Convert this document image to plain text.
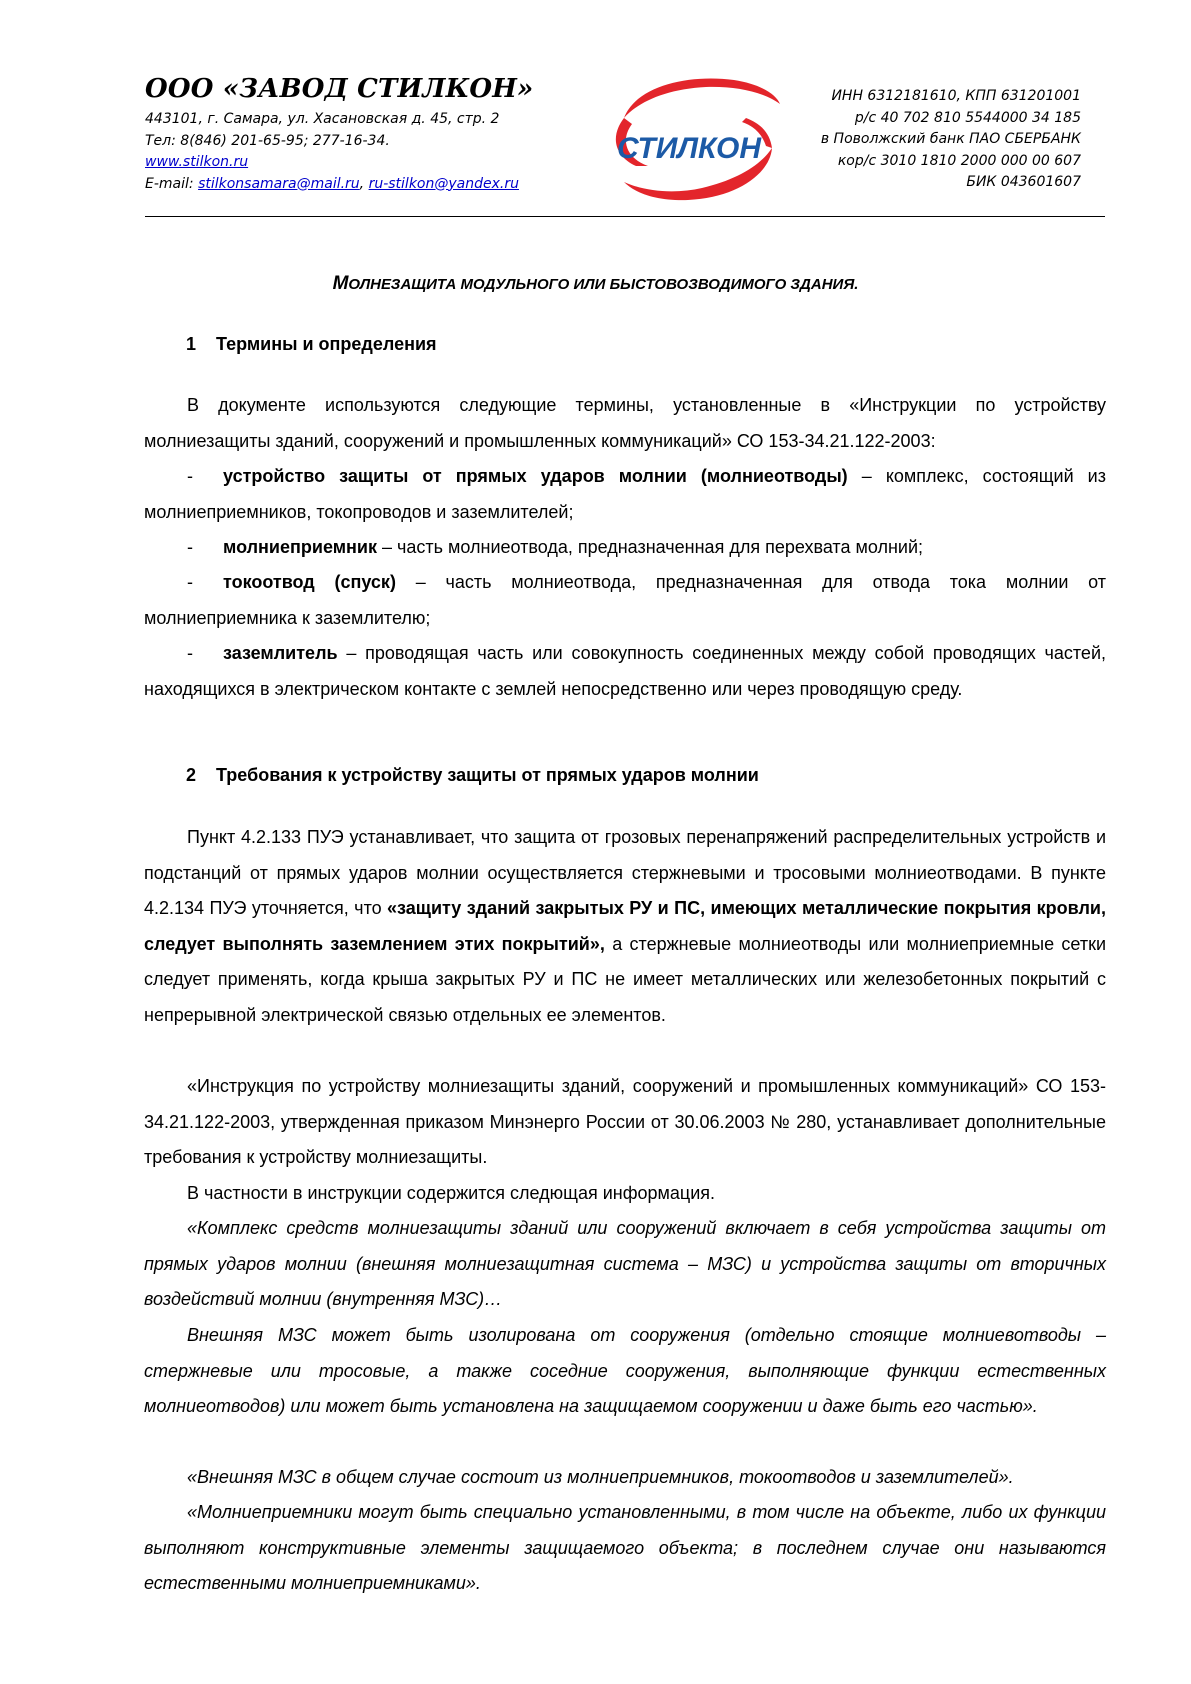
ООО «ЗАВОД СТИЛКОН»
443101, г. Самара, ул. Хасановская д. 45, стр. 2
Тел: 8(846) 201-65-95; 277-16-34.
www.stilkon.ru
E-mail: stilkonsamara@mail.ru, ru-stilkon@yandex.ru
СТИЛКОН
ИНН 6312181610, КПП 631201001
р/с 40 702 810 5544000 34 185
в Поволжский банк ПАО СБЕРБАНК
кор/с 3010 1810 2000 000 00 607
БИК 043601607
МОЛНЕЗАЩИТА МОДУЛЬНОГО ИЛИ БЫСТОВОЗВОДИМОГО ЗДАНИЯ.
1 Термины и определения
В документе используются следующие термины, установленные в «Инструкции по устройству молниезащиты зданий, сооружений и промышленных коммуникаций» СО 153-34.21.122-2003:
- устройство защиты от прямых ударов молнии (молниеотводы) – комплекс, состоящий из молниеприемников, токопроводов и заземлителей;
- молниеприемник – часть молниеотвода, предназначенная для перехвата молний;
- токоотвод (спуск) – часть молниеотвода, предназначенная для отвода тока молнии от молниеприемника к заземлителю;
- заземлитель – проводящая часть или совокупность соединенных между собой проводящих частей, находящихся в электрическом контакте с землей непосредственно или через проводящую среду.
2 Требования к устройству защиты от прямых ударов молнии
Пункт 4.2.133 ПУЭ устанавливает, что защита от грозовых перенапряжений распределительных устройств и подстанций от прямых ударов молнии осуществляется стержневыми и тросовыми молниеотводами. В пункте 4.2.134 ПУЭ уточняется, что «защиту зданий закрытых РУ и ПС, имеющих металлические покрытия кровли, следует выполнять заземлением этих покрытий», а стержневые молниеотводы или молниеприемные сетки следует применять, когда крыша закрытых РУ и ПС не имеет металлических или железобетонных покрытий с непрерывной электрической связью отдельных ее элементов.
«Инструкция по устройству молниезащиты зданий, сооружений и промышленных коммуникаций» СО 153-34.21.122-2003, утвержденная приказом Минэнерго России от 30.06.2003 № 280, устанавливает дополнительные требования к устройству молниезащиты.
В частности в инструкции содержится следющая информация.
«Комплекс средств молниезащиты зданий или сооружений включает в себя устройства защиты от прямых ударов молнии (внешняя молниезащитная система – МЗС) и устройства защиты от вторичных воздействий молнии (внутренняя МЗС)…
Внешняя МЗС может быть изолирована от сооружения (отдельно стоящие молниевотводы – стержневые или тросовые, а также соседние сооружения, выполняющие функции естественных молниеотводов) или может быть установлена на защищаемом сооружении и даже быть его частью».
«Внешняя МЗС в общем случае состоит из молниеприемников, токоотводов и заземлителей».
«Молниеприемники могут быть специально установленными, в том числе на объекте, либо их функции выполняют конструктивные элементы защищаемого объекта; в последнем случае они называются естественными молниеприемниками».
